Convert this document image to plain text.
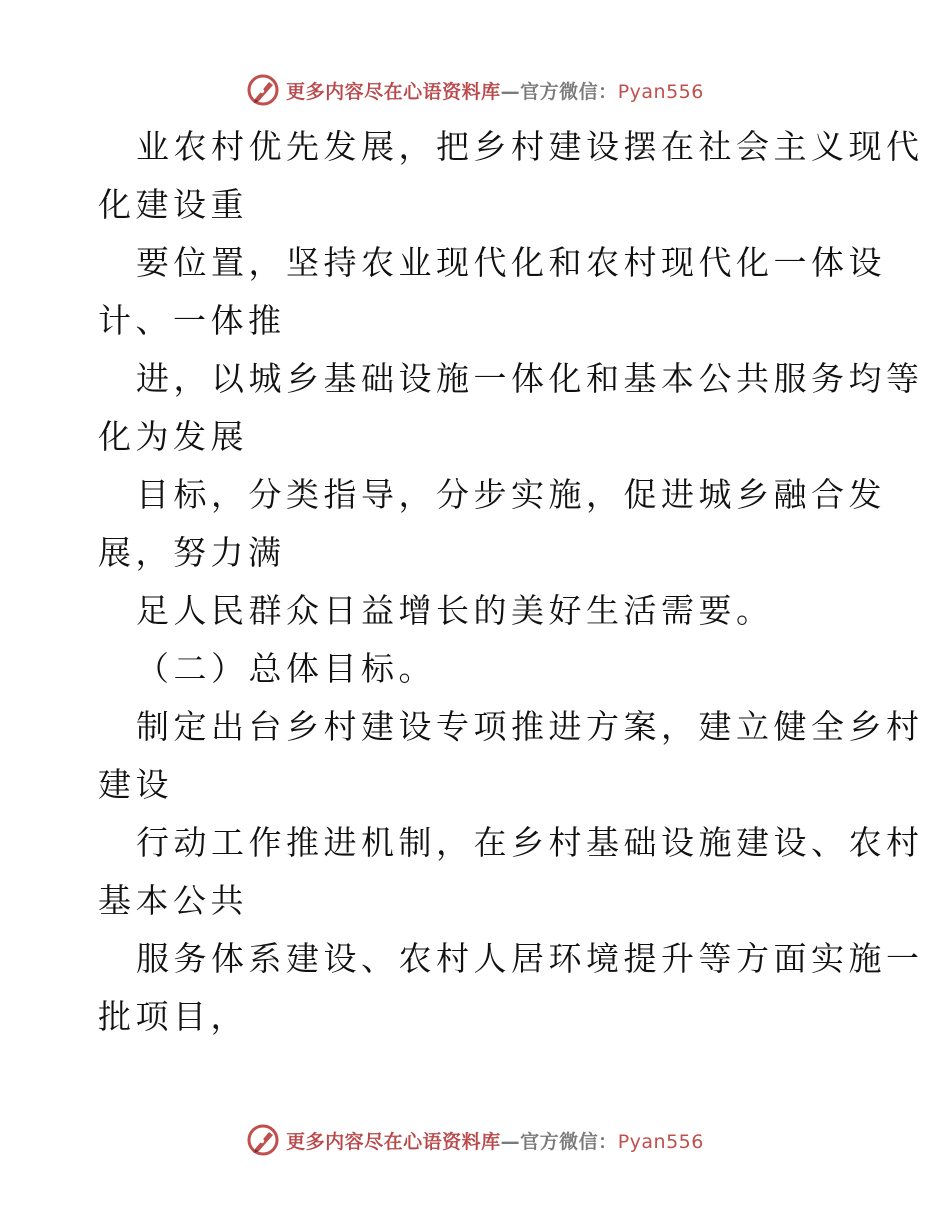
更多内容尽在心语资料库—官方微信：Pyan556
业农村优先发展，把乡村建设摆在社会主义现代
化建设重
要位置，坚持农业现代化和农村现代化一体设
计、一体推
进，以城乡基础设施一体化和基本公共服务均等
化为发展
目标，分类指导，分步实施，促进城乡融合发
展，努力满
足人民群众日益增长的美好生活需要。
（二）总体目标。
制定出台乡村建设专项推进方案，建立健全乡村
建设
行动工作推进机制，在乡村基础设施建设、农村
基本公共
服务体系建设、农村人居环境提升等方面实施一
批项目，
更多内容尽在心语资料库—官方微信：Pyan556
